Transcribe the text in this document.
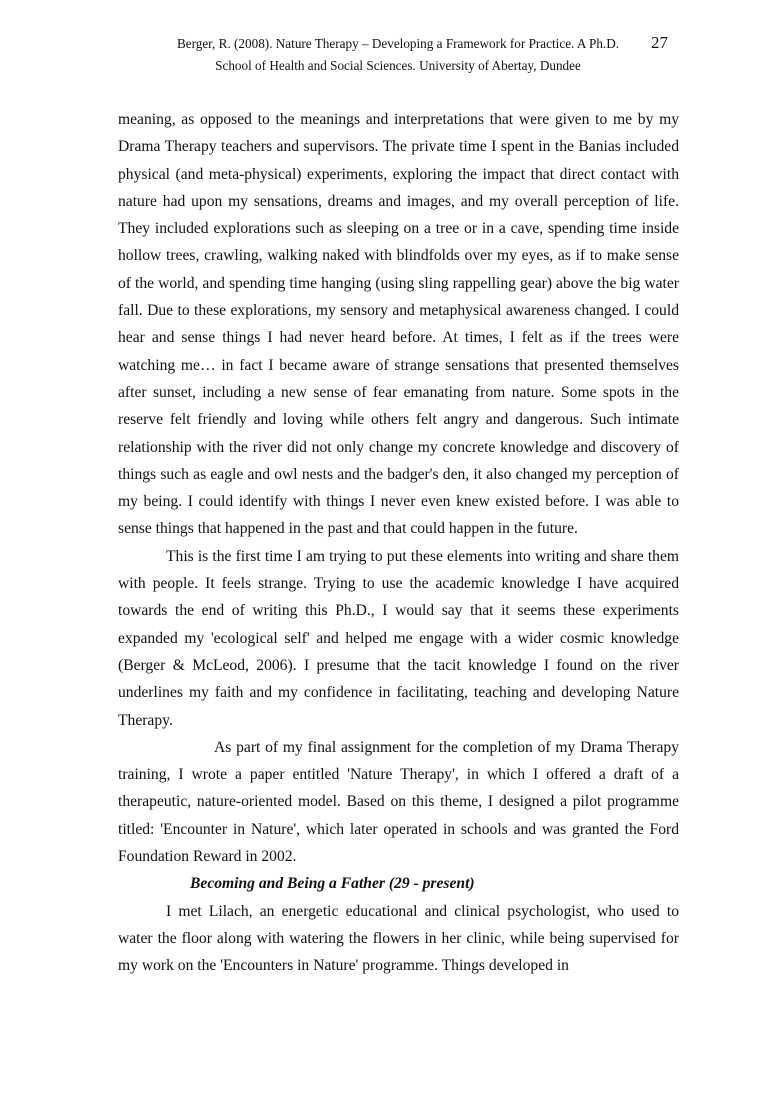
Berger, R. (2008). Nature Therapy – Developing a Framework for Practice. A Ph.D.
School of Health and Social Sciences. University of Abertay, Dundee
27

meaning, as opposed to the meanings and interpretations that were given to me by my Drama Therapy teachers and supervisors. The private time I spent in the Banias included physical (and meta-physical) experiments, exploring the impact that direct contact with nature had upon my sensations, dreams and images, and my overall perception of life. They included explorations such as sleeping on a tree or in a cave, spending time inside hollow trees, crawling, walking naked with blindfolds over my eyes, as if to make sense of the world, and spending time hanging (using sling rappelling gear) above the big water fall. Due to these explorations, my sensory and metaphysical awareness changed. I could hear and sense things I had never heard before. At times, I felt as if the trees were watching me… in fact I became aware of strange sensations that presented themselves after sunset, including a new sense of fear emanating from nature. Some spots in the reserve felt friendly and loving while others felt angry and dangerous. Such intimate relationship with the river did not only change my concrete knowledge and discovery of things such as eagle and owl nests and the badger's den, it also changed my perception of my being. I could identify with things I never even knew existed before. I was able to sense things that happened in the past and that could happen in the future.

This is the first time I am trying to put these elements into writing and share them with people. It feels strange. Trying to use the academic knowledge I have acquired towards the end of writing this Ph.D., I would say that it seems these experiments expanded my 'ecological self' and helped me engage with a wider cosmic knowledge (Berger & McLeod, 2006). I presume that the tacit knowledge I found on the river underlines my faith and my confidence in facilitating, teaching and developing Nature Therapy.

As part of my final assignment for the completion of my Drama Therapy training, I wrote a paper entitled 'Nature Therapy', in which I offered a draft of a therapeutic, nature-oriented model. Based on this theme, I designed a pilot programme titled: 'Encounter in Nature', which later operated in schools and was granted the Ford Foundation Reward in 2002.

Becoming and Being a Father (29 - present)

I met Lilach, an energetic educational and clinical psychologist, who used to water the floor along with watering the flowers in her clinic, while being supervised for my work on the 'Encounters in Nature' programme. Things developed in
